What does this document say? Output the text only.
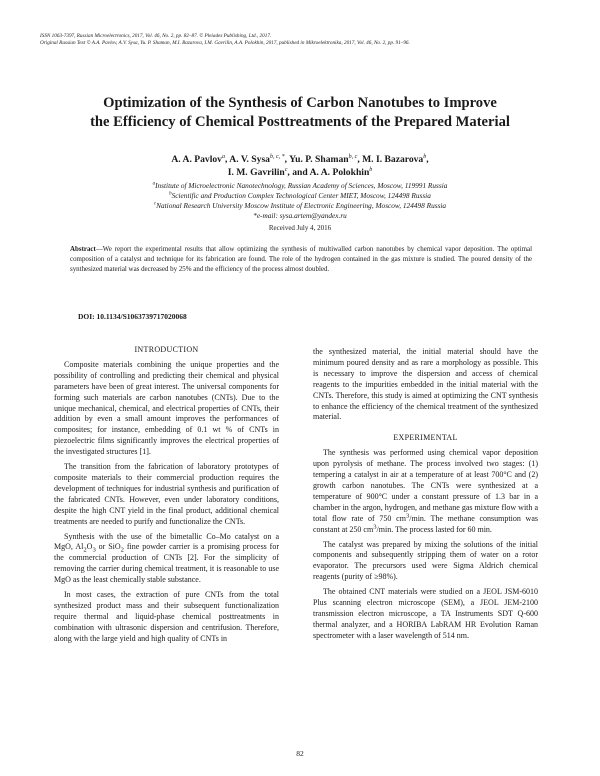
ISSN 1063-7397, Russian Microelectronics, 2017, Vol. 46, No. 2, pp. 82–87. © Pleiades Publishing, Ltd., 2017.
Original Russian Text © A.A. Pavlov, A.V. Sysa, Yu. P. Shaman, M.I. Bazarova, I.M. Gavrilin, A.A. Polokhin, 2017, published in Mikroelektronika, 2017, Vol. 46, No. 2, pp. 91–96.
Optimization of the Synthesis of Carbon Nanotubes to Improve
the Efficiency of Chemical Posttreatments of the Prepared Material
A. A. Pavlov$^a$, A. V. Sysa$^{b, c, *}$, Yu. P. Shaman$^{b, c}$, M. I. Bazarova$^b$,
I. M. Gavrilin$^c$, and A. A. Polokhin$^b$
$^a$Institute of Microelectronic Nanotechnology, Russian Academy of Sciences, Moscow, 119991 Russia
$^b$Scientific and Production Complex Technological Center MIET, Moscow, 124498 Russia
$^c$National Research University Moscow Institute of Electronic Engineering, Moscow, 124498 Russia
*e-mail: sysa.artem@yandex.ru
Received July 4, 2016
Abstract—We report the experimental results that allow optimizing the synthesis of multiwalled carbon nanotubes by chemical vapor deposition. The optimal composition of a catalyst and technique for its fabrication are found. The role of the hydrogen contained in the gas mixture is studied. The poured density of the synthesized material was decreased by 25% and the efficiency of the process almost doubled.
DOI: 10.1134/S1063739717020068
INTRODUCTION

Composite materials combining the unique properties and the possibility of controlling and predicting their chemical and physical parameters have been of great interest. The universal components for forming such materials are carbon nanotubes (CNTs). Due to the unique mechanical, chemical, and electrical properties of CNTs, their addition by even a small amount improves the performances of composites; for instance, embedding of 0.1 wt % of CNTs in piezoelectric films significantly improves the electrical properties of the investigated structures [1].

The transition from the fabrication of laboratory prototypes of composite materials to their commercial production requires the development of techniques for industrial synthesis and purification of the fabricated CNTs. However, even under laboratory conditions, despite the high CNT yield in the final product, additional chemical treatments are needed to purify and functionalize the CNTs.

Synthesis with the use of the bimetallic Co–Mo catalyst on a MgO, $Al_2O_3$ or SiO$_2$ fine powder carrier is a promising process for the commercial production of CNTs [2]. For the simplicity of removing the carrier during chemical treatment, it is reasonable to use MgO as the least chemically stable substance.

In most cases, the extraction of pure CNTs from the total synthesized product mass and their subsequent functionalization require thermal and liquid-phase chemical posttreatments in combination with ultrasonic dispersion and centrifusion. Therefore, along with the large yield and high quality of CNTs in

the synthesized material, the initial material should have the minimum poured density and as rare a morphology as possible. This is necessary to improve the dispersion and access of chemical reagents to the impurities embedded in the initial material with the CNTs. Therefore, this study is aimed at optimizing the CNT synthesis to enhance the efficiency of the chemical treatment of the synthesized material.

EXPERIMENTAL

The synthesis was performed using chemical vapor deposition upon pyrolysis of methane. The process involved two stages: (1) tempering a catalyst in air at a temperature of at least 700°C and (2) growth carbon nanotubes. The CNTs were synthesized at a temperature of 900°C under a constant pressure of 1.3 bar in a chamber in the argon, hydrogen, and methane gas mixture flow with a total flow rate of 750 $cm^3/\min$. The methane consumption was constant at 250 $cm^3/\min$. The process lasted for 60 min.

The catalyst was prepared by mixing the solutions of the initial components and subsequently stripping them of water on a rotor evaporator. The precursors used were Sigma Aldrich chemical reagents (purity of ≥98%).

The obtained CNT materials were studied on a JEOL JSM-6010 Plus scanning electron microscope (SEM), a JEOL JEM-2100 transmission electron microscope, a TA Instruments SDT Q-600 thermal analyzer, and a HORIBA LabRAM HR Evolution Raman spectrometer with a laser wavelength of 514 nm.

82
